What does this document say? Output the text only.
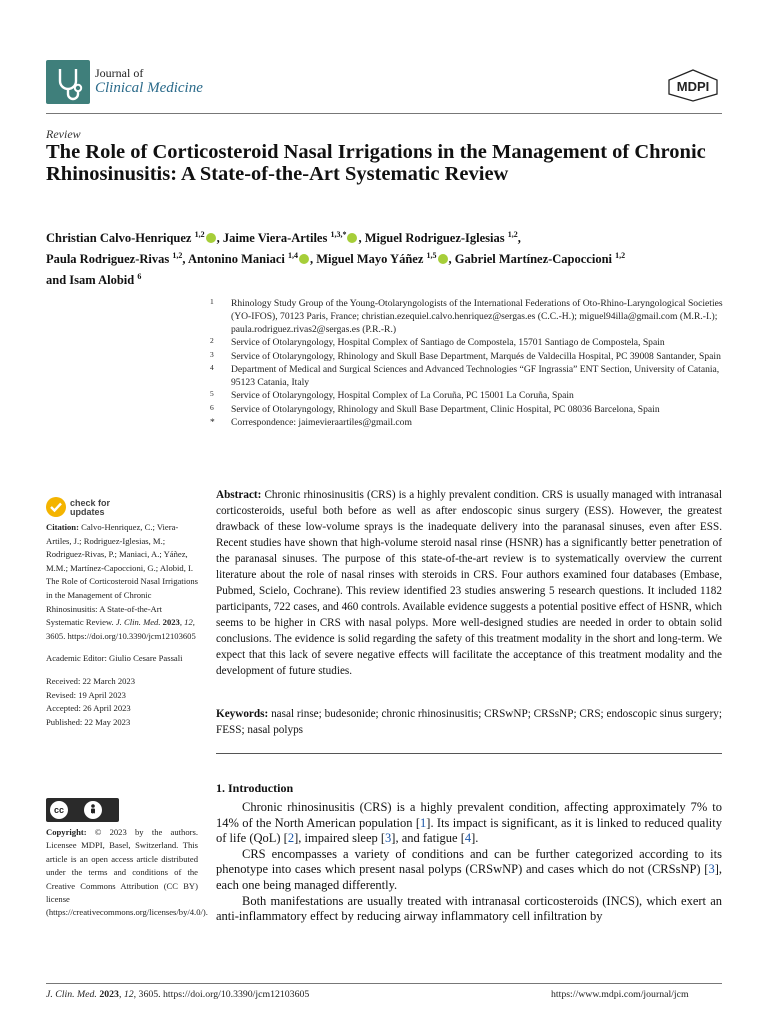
Journal of
Clinical Medicine	MDPI
Review
The Role of Corticosteroid Nasal Irrigations in the Management of Chronic Rhinosinusitis: A State-of-the-Art Systematic Review
Christian Calvo-Henriquez $^{1,2}$ , Jaime Viera-Artiles $^{1,3,*}$ , Miguel Rodriguez-Iglesias $^{1,2}$,
Paula Rodriguez-Rivas $^{1,2}$, Antonino Maniaci $^{1,4}$ , Miguel Mayo Yáñez $^{1,5}$ , Gabriel Martínez-Capoccioni $^{1,2}$
and Isam Alobid $^6$
1 Rhinology Study Group of the Young-Otolaryngologists of the International Federations of Oto-Rhino-Laryngological Societies (YO-IFOS), 70123 Paris, France; christian.ezequiel.calvo.henriquez@sergas.es (C.C.-H.); miguel94illa@gmail.com (M.R.-I.); paula.rodriguez.rivas2@sergas.es (P.R.-R.)
2 Service of Otolaryngology, Hospital Complex of Santiago de Compostela, 15701 Santiago de Compostela, Spain
3 Service of Otolaryngology, Rhinology and Skull Base Department, Marqués de Valdecilla Hospital, PC 39008 Santander, Spain
4 Department of Medical and Surgical Sciences and Advanced Technologies “GF Ingrassia” ENT Section, University of Catania, 95123 Catania, Italy
5 Service of Otolaryngology, Hospital Complex of La Coruña, PC 15001 La Coruña, Spain
6 Service of Otolaryngology, Rhinology and Skull Base Department, Clinic Hospital, PC 08036 Barcelona, Spain
* Correspondence: jaimevieraartiles@gmail.com
check for
updates

Citation: Calvo-Henriquez, C.; Viera-Artiles, J.; Rodriguez-Iglesias, M.; Rodriguez-Rivas, P.; Maniaci, A.; Yáñez, M.M.; Martínez-Capoccioni, G.; Alobid, I. The Role of Corticosteroid Nasal Irrigations in the Management of Chronic Rhinosinusitis: A State-of-the-Art Systematic Review. J. Clin. Med. 2023, 12, 3605. https://doi.org/10.3390/jcm12103605

Academic Editor: Giulio Cesare Passali

Received: 22 March 2023

Revised: 19 April 2023

Accepted: 26 April 2023

Published: 22 May 2023

cc
BY
Copyright: © 2023 by the authors. Licensee MDPI, Basel, Switzerland. This article is an open access article distributed under the terms and conditions of the Creative Commons Attribution (CC BY) license (https://creativecommons.org/licenses/by/4.0/).
Abstract: Chronic rhinosinusitis (CRS) is a highly prevalent condition. CRS is usually managed with intranasal corticosteroids, useful both before as well as after endoscopic sinus surgery (ESS). However, the greatest drawback of these low-volume sprays is the inadequate delivery into the paranasal sinuses, even after ESS. Recent studies have shown that high-volume steroid nasal rinse (HSNR) has a significantly better penetration of the paranasal sinuses. The purpose of this state-of-the-art review is to systematically overview the current literature about the role of nasal rinses with steroids in CRS. Four authors examined four databases (Embase, Pubmed, Scielo, Cochrane). This review identified 23 studies answering 5 research questions. It included 1182 participants, 722 cases, and 460 controls. Available evidence suggests a potential positive effect of HSNR, which seems to be higher in CRS with nasal polyps. More well-designed studies are needed in order to obtain solid conclusions. The evidence is solid regarding the safety of this treatment modality in the short and long-term. We expect that this lack of severe negative effects will facilitate the acceptance of this treatment modality and the development of future studies.
Keywords: nasal rinse; budesonide; chronic rhinosinusitis; CRSwNP; CRSsNP; CRS; endoscopic sinus surgery; FESS; nasal polyps
1. Introduction

Chronic rhinosinusitis (CRS) is a highly prevalent condition, affecting approximately 7% to 14% of the North American population [1]. Its impact is significant, as it is linked to reduced quality of life (QoL) [2], impaired sleep [3], and fatigue [4].

CRS encompasses a variety of conditions and can be further categorized according to its phenotype into cases which present nasal polyps (CRSwNP) and cases which do not (CRSsNP) [3], each one being managed differently.

Both manifestations are usually treated with intranasal corticosteroids (INCS), which exert an anti-inflammatory effect by reducing airway inflammatory cell infiltration by

J. Clin. Med. 2023, 12, 3605. https://doi.org/10.3390/jcm12103605	https://www.mdpi.com/journal/jcm
